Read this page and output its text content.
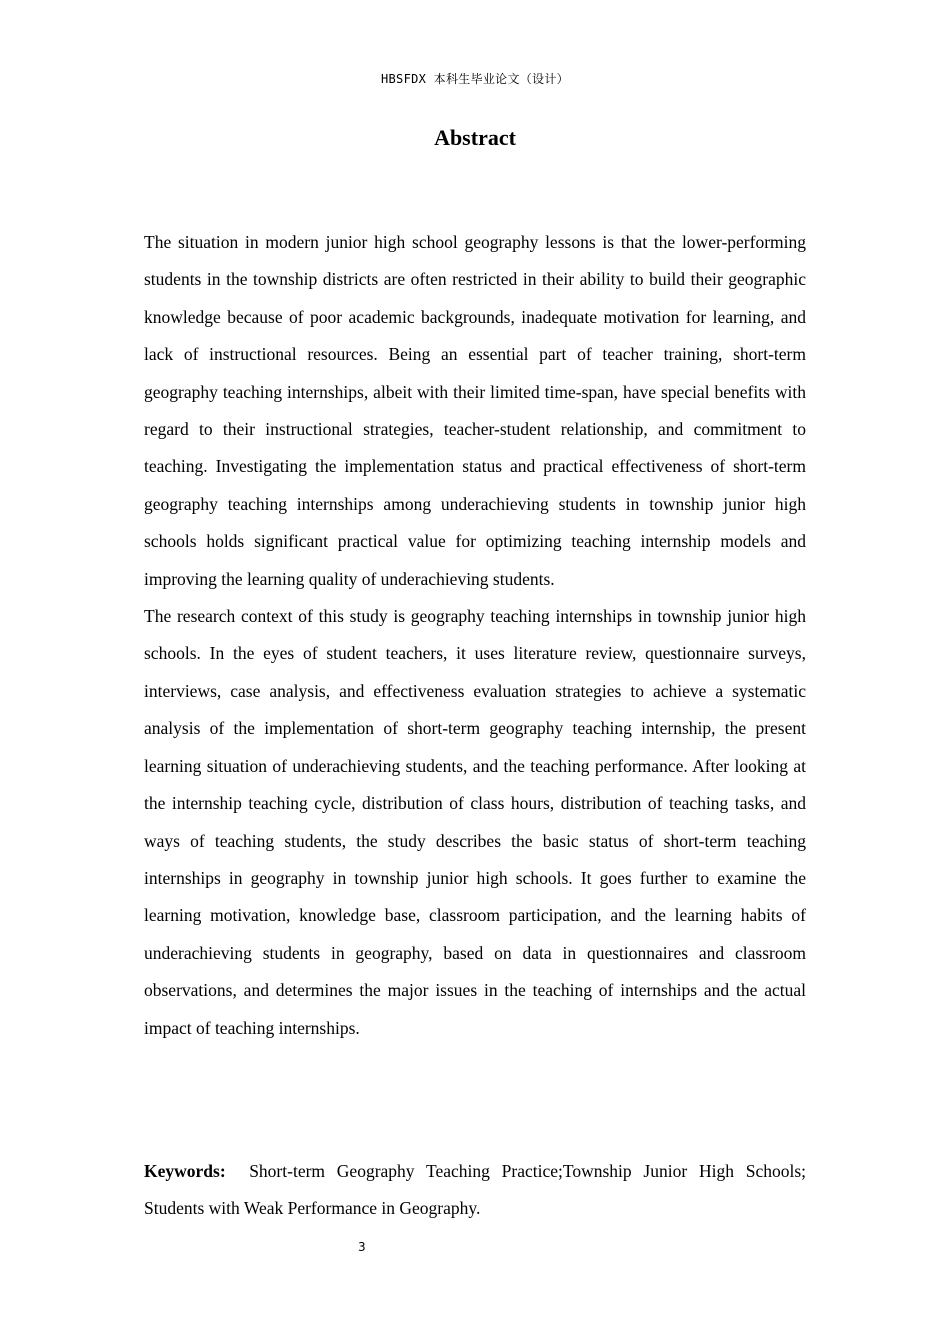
HBSFDX 本科生毕业论文（设计）
Abstract

The situation in modern junior high school geography lessons is that the lower-performing students in the township districts are often restricted in their ability to build their geographic knowledge because of poor academic backgrounds, inadequate motivation for learning, and lack of instructional resources. Being an essential part of teacher training, short-term geography teaching internships, albeit with their limited time-span, have special benefits with regard to their instructional strategies, teacher-student relationship, and commitment to teaching. Investigating the implementation status and practical effectiveness of short-term geography teaching internships among underachieving students in township junior high schools holds significant practical value for optimizing teaching internship models and improving the learning quality of underachieving students.

The research context of this study is geography teaching internships in township junior high schools. In the eyes of student teachers, it uses literature review, questionnaire surveys, interviews, case analysis, and effectiveness evaluation strategies to achieve a systematic analysis of the implementation of short-term geography teaching internship, the present learning situation of underachieving students, and the teaching performance. After looking at the internship teaching cycle, distribution of class hours, distribution of teaching tasks, and ways of teaching students, the study describes the basic status of short-term teaching internships in geography in township junior high schools. It goes further to examine the learning motivation, knowledge base, classroom participation, and the learning habits of underachieving students in geography, based on data in questionnaires and classroom observations, and determines the major issues in the teaching of internships and the actual impact of teaching internships.

Keywords: Short-term Geography Teaching Practice;Township Junior High Schools; Students with Weak Performance in Geography.

3
